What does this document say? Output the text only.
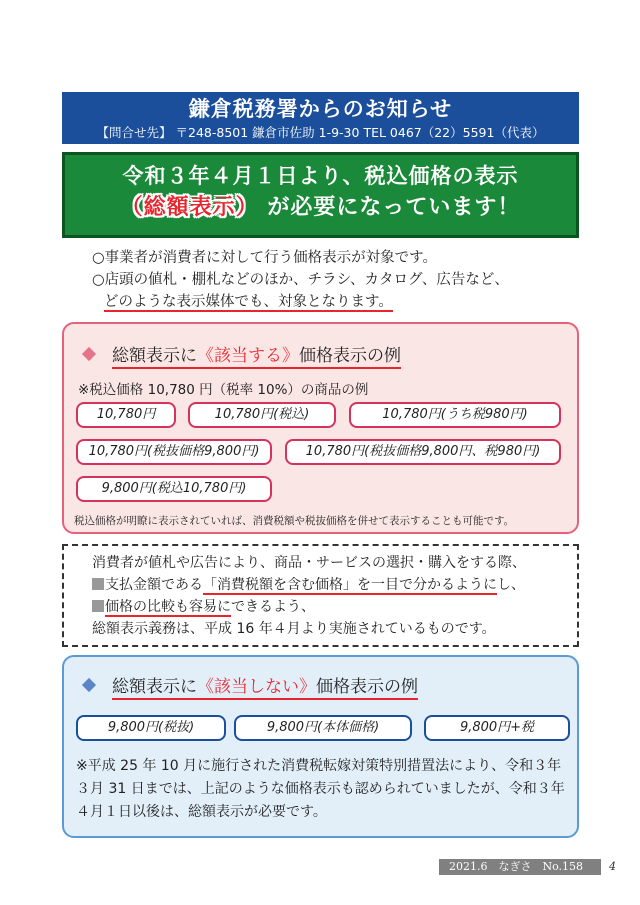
鎌倉税務署からのお知らせ
【問合せ先】 〒248-8501 鎌倉市佐助 1-9-30 TEL 0467（22）5591（代表）
令和３年４月１日より、税込価格の表示
（総額表示） が必要になっています！
○事業者が消費者に対して行う価格表示が対象です。
○店頭の値札・棚札などのほか、チラシ、カタログ、広告など、
どのような表示媒体でも、対象となります。
総額表示に《該当する》価格表示の例
※税込価格 10,780 円（税率 10%）の商品の例
10,780円	10,780円(税込)	10,780円(うち税980円)
10,780円(税抜価格9,800円)	10,780円(税抜価格9,800円、税980円)
9,800円(税込10,780円)
税込価格が明瞭に表示されていれば、消費税額や税抜価格を併せて表示することも可能です。
消費者が値札や広告により、商品・サービスの選択・購入をする際、
支払金額である「消費税額を含む価格」を一目で分かるようにし、
価格の比較も容易にできるよう、
総額表示義務は、平成 16 年４月より実施されているものです。
総額表示に《該当しない》価格表示の例
9,800円(税抜)	9,800円(本体価格)	9,800円+税
※平成 25 年 10 月に施行された消費税転嫁対策特別措置法により、令和３年３月 31 日までは、上記のような価格表示も認められていましたが、令和３年４月１日以後は、総額表示が必要です。
2021.6　なぎさ　No.158	4
